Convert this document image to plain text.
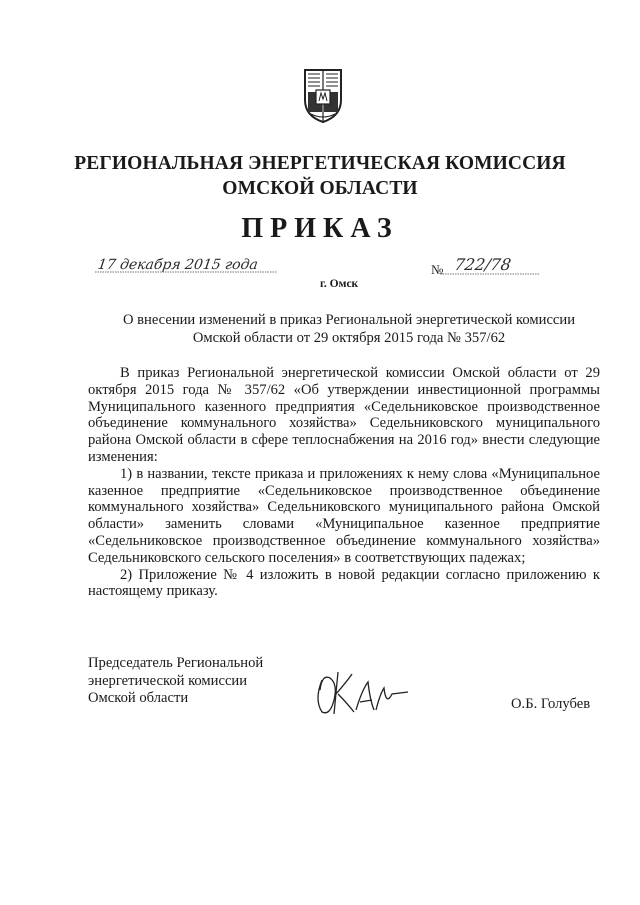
РЕГИОНАЛЬНАЯ ЭНЕРГЕТИЧЕСКАЯ КОМИССИЯ
ОМСКОЙ ОБЛАСТИ
ПРИКАЗ
17 декабря 2015 года
г. Омск
№ 722/78
О внесении изменений в приказ Региональной энергетической комиссии
Омской области от 29 октября 2015 года № 357/62

В приказ Региональной энергетической комиссии Омской области от 29 октября 2015 года № 357/62 «Об утверждении инвестиционной программы Муниципального казенного предприятия «Седельниковское производственное объединение коммунального хозяйства» Седельниковского муниципального района Омской области в сфере теплоснабжения на 2016 год» внести следующие изменения:

1) в названии, тексте приказа и приложениях к нему слова «Муниципальное казенное предприятие «Седельниковское производственное объединение коммунального хозяйства» Седельниковского муниципального района Омской области» заменить словами «Муниципальное казенное предприятие «Седельниковское производственное объединение коммунального хозяйства» Седельниковского сельского поселения» в соответствующих падежах;

2) Приложение № 4 изложить в новой редакции согласно приложению к настоящему приказу.

Председатель Региональной
энергетической комиссии
Омской области	О.Б. Голубев
